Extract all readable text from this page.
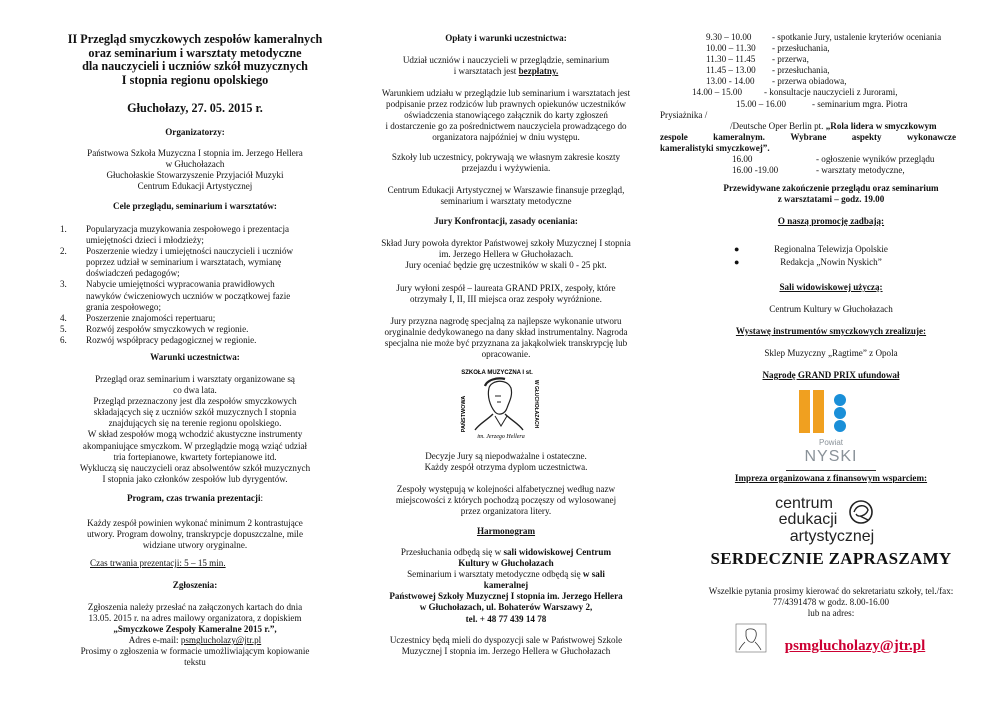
II Przegląd smyczkowych zespołów kameralnych
oraz seminarium i warsztaty metodyczne
dla nauczycieli i uczniów szkół muzycznych
I stopnia regionu opolskiego
Głuchołazy, 27. 05. 2015 r.
Organizatorzy:
Państwowa Szkoła Muzyczna I stopnia im. Jerzego Hellera
w Głuchołazach
Głuchołaskie Stowarzyszenie Przyjaciół Muzyki
Centrum Edukacji Artystycznej
Cele przeglądu, seminarium i warsztatów:
1. Popularyzacja muzykowania zespołowego i prezentacja
umiejętności dzieci i młodzieży;
2. Poszerzenie wiedzy i umiejętności nauczycieli i uczniów
poprzez udział w seminarium i warsztatach, wymianę
doświadczeń pedagogów;
3. Nabycie umiejętności wypracowania prawidłowych
nawyków ćwiczeniowych uczniów w początkowej fazie
grania zespołowego;
4. Poszerzenie znajomości repertuaru;
5. Rozwój zespołów smyczkowych w regionie.
6. Rozwój współpracy pedagogicznej w regionie.
Warunki uczestnictwa:
Przegląd oraz seminarium i warsztaty organizowane są
co dwa lata.
Przegląd przeznaczony jest dla zespołów smyczkowych
składających się z uczniów szkół muzycznych I stopnia
znajdujących się na terenie regionu opolskiego.
W skład zespołów mogą wchodzić akustyczne instrumenty
akompaniujące smyczkom. W przeglądzie mogą wziąć udział
tria fortepianowe, kwartety fortepianowe itd.
Wykluczą się nauczycieli oraz absolwentów szkół muzycznych
I stopnia jako członków zespołów lub dyrygentów.
Program, czas trwania prezentacji:
Każdy zespół powinien wykonać minimum 2 kontrastujące
utwory. Program dowolny, transkrypcje dopuszczalne, mile
widziane utwory oryginalne.
Czas trwania prezentacji: 5 – 15 min.
Zgłoszenia:
Zgłoszenia należy przesłać na załączonych kartach do dnia
13.05. 2015 r. na adres mailowy organizatora, z dopiskiem
„Smyczkowe Zespoły Kameralne 2015 r.”,
Adres e-mail: psmglucholazy@jtr.pl
Prosimy o zgłoszenia w formacie umożliwiającym kopiowanie
tekstu
Opłaty i warunki uczestnictwa:
Udział uczniów i nauczycieli w przeglądzie, seminarium
i warsztatach jest bezpłatny.
Warunkiem udziału w przeglądzie lub seminarium i warsztatach jest
podpisanie przez rodziców lub prawnych opiekunów uczestników
oświadczenia stanowiącego załącznik do karty zgłoszeń
i dostarczenie go za pośrednictwem nauczyciela prowadzącego do
organizatora najpóźniej w dniu występu.
Szkoły lub uczestnicy, pokrywają we własnym zakresie koszty
przejazdu i wyżywienia.
Centrum Edukacji Artystycznej w Warszawie finansuje przegląd,
seminarium i warsztaty metodyczne
Jury Konfrontacji, zasady oceniania:
Skład Jury powoła dyrektor Państwowej szkoły Muzycznej I stopnia
im. Jerzego Hellera w Głuchołazach.
Jury oceniać będzie grę uczestników w skali 0 - 25 pkt.
Jury wyłoni zespół – laureata GRAND PRIX, zespoły, które
otrzymały I, II, III miejsca oraz zespoły wyróżnione.
Jury przyzna nagrodę specjalną za najlepsze wykonanie utworu
oryginalnie dedykowanego na dany skład instrumentalny. Nagroda
specjalna nie może być przyznana za jakąkolwiek transkrypcję lub
opracowanie.
SZKOŁA MUZYCZNA I st.
PAŃSTWOWA	W GŁUCHOŁAZACH
im. Jerzego Hellera
Decyzje Jury są niepodważalne i ostateczne.
Każdy zespół otrzyma dyplom uczestnictwa.
Zespoły występują w kolejności alfabetycznej według nazw
miejscowości z których pochodzą poczęszy od wylosowanej
przez organizatora litery.
Harmonogram
Przesłuchania odbędą się w sali widowiskowej Centrum
Kultury w Głuchołazach
Seminarium i warsztaty metodyczne odbędą się w sali
kameralnej
Państwowej Szkoły Muzycznej I stopnia im. Jerzego Hellera
w Głuchołazach, ul. Bohaterów Warszawy 2,
tel. + 48 77 439 14 78
Uczestnicy będą mieli do dyspozycji sale w Państwowej Szkole
Muzycznej I stopnia im. Jerzego Hellera w Głuchołazach
9.30 – 10.00 - spotkanie Jury, ustalenie kryteriów oceniania
10.00 – 11.30 - przesłuchania,
11.30 – 11.45 - przerwa,
11.45 – 13.00 - przesłuchania,
13.00 - 14.00 - przerwa obiadowa,
14.00 – 15.00 - konsultacje nauczycieli z Jurorami,
15.00 – 16.00	- seminarium mgra. Piotra
Prysiażnika /
/Deutsche Oper Berlin pt. „Rola lidera w smyczkowym
zespole	kameralnym.	Wybrane	aspekty	wykonawcze
kameralistyki smyczkowej”.
16.00	- ogłoszenie wyników przeglądu
16.00 -19.00	- warsztaty metodyczne,
Przewidywane zakończenie przeglądu oraz seminarium
z warsztatami – godz. 19.00
O naszą promocję zadbają:
●	Regionalna Telewizja Opolskie
●	Redakcja „Nowin Nyskich”
Sali widowiskowej użyczą:
Centrum Kultury w Głuchołazach
Wystawę instrumentów smyczkowych zrealizuje:
Sklep Muzyczny „Ragtime” z Opola
Nagrodę GRAND PRIX ufundował
Powiat
NYSKI
Impreza organizowana z finansowym wsparciem:
centrum
edukacji
artystycznej
SERDECZNIE ZAPRASZAMY
Wszelkie pytania prosimy kierować do sekretariatu szkoły, tel./fax:
77/4391478 w godz. 8.00-16.00
lub na adres:
psmglucholazy@jtr.pl
